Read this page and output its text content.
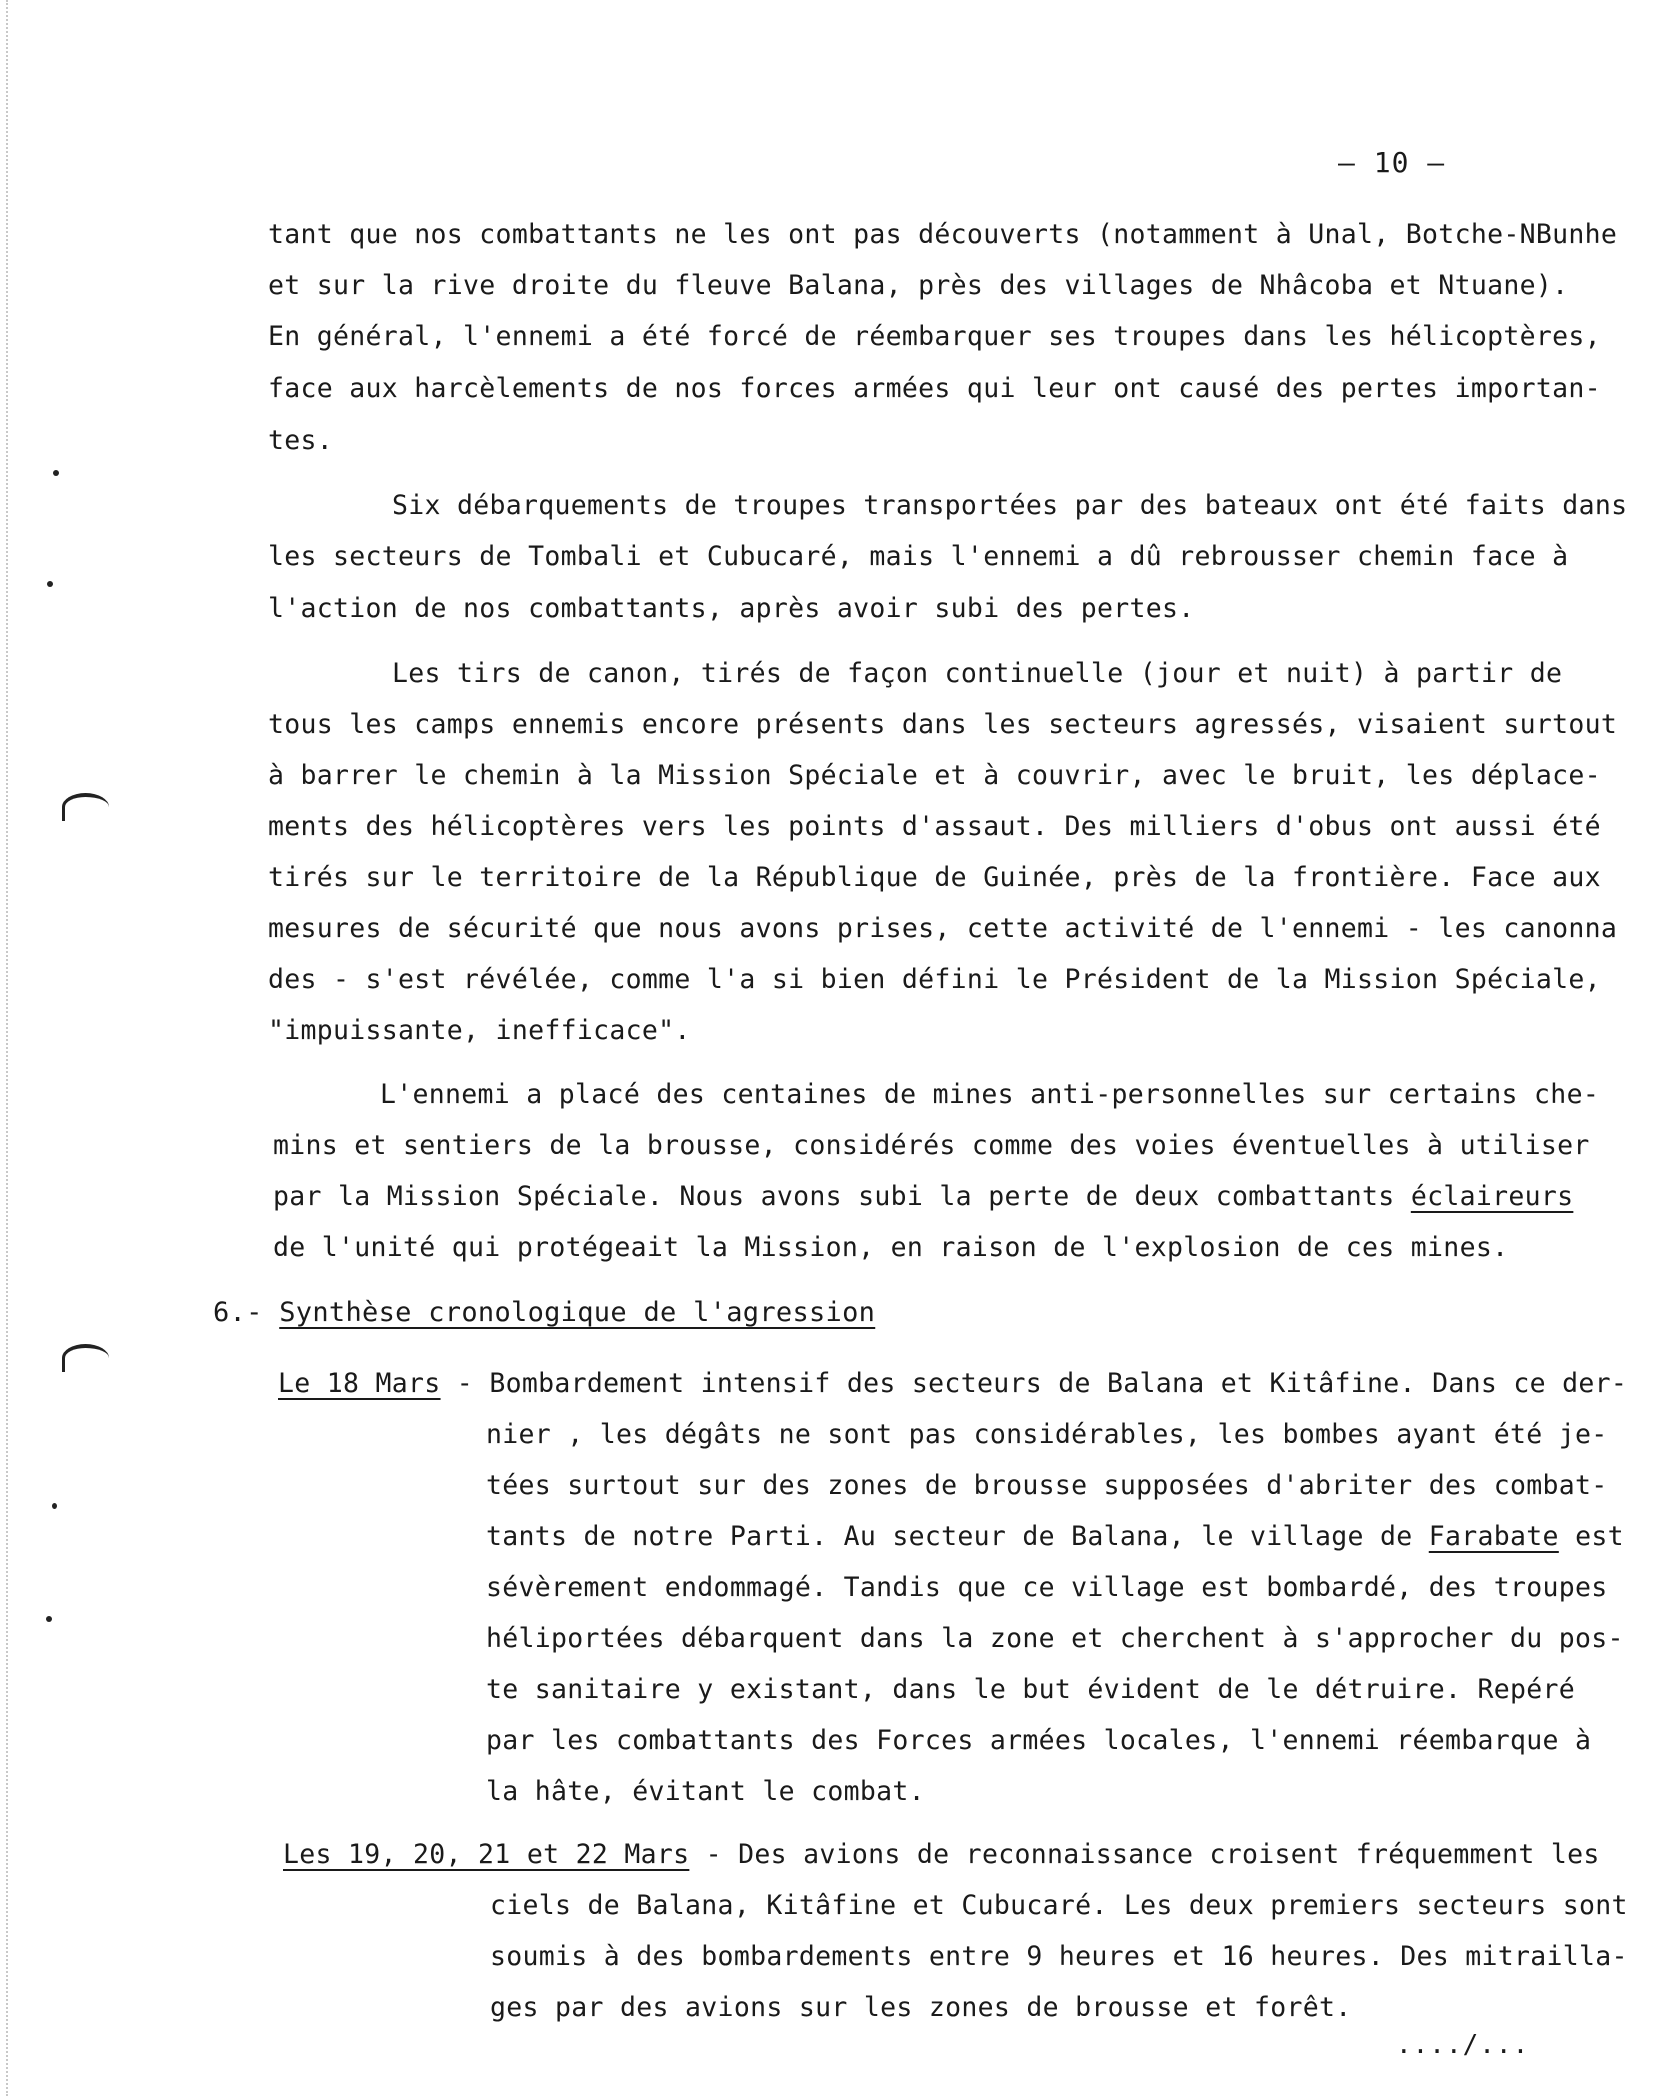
— 10 —
tant que nos combattants ne les ont pas découverts (notamment à Unal, Botche-NBunhe
et sur la rive droite du fleuve Balana, près des villages de Nhâcoba et Ntuane).
En général, l'ennemi a été forcé de réembarquer ses troupes dans les hélicoptères,
face aux harcèlements de nos forces armées qui leur ont causé des pertes importan-
tes.
Six débarquements de troupes transportées par des bateaux ont été faits dans
les secteurs de Tombali et Cubucaré, mais l'ennemi a dû rebrousser chemin face à
l'action de nos combattants, après avoir subi des pertes.
Les tirs de canon, tirés de façon continuelle (jour et nuit) à partir de
tous les camps ennemis encore présents dans les secteurs agressés, visaient surtout
à barrer le chemin à la Mission Spéciale et à couvrir, avec le bruit, les déplace-
ments des hélicoptères vers les points d'assaut. Des milliers d'obus ont aussi été
tirés sur le territoire de la République de Guinée, près de la frontière. Face aux
mesures de sécurité que nous avons prises, cette activité de l'ennemi - les canonna
des - s'est révélée, comme l'a si bien défini le Président de la Mission Spéciale,
"impuissante, inefficace".
L'ennemi a placé des centaines de mines anti-personnelles sur certains che-
mins et sentiers de la brousse, considérés comme des voies éventuelles à utiliser
par la Mission Spéciale. Nous avons subi la perte de deux combattants éclaireurs
de l'unité qui protégeait la Mission, en raison de l'explosion de ces mines.
6.- Synthèse cronologique de l'agression
Le 18 Mars - Bombardement intensif des secteurs de Balana et Kitâfine. Dans ce der-
nier , les dégâts ne sont pas considérables, les bombes ayant été je-
tées surtout sur des zones de brousse supposées d'abriter des combat-
tants de notre Parti. Au secteur de Balana, le village de Farabate est
sévèrement endommagé. Tandis que ce village est bombardé, des troupes
héliportées débarquent dans la zone et cherchent à s'approcher du pos-
te sanitaire y existant, dans le but évident de le détruire. Repéré
par les combattants des Forces armées locales, l'ennemi réembarque à
la hâte, évitant le combat.
Les 19, 20, 21 et 22 Mars - Des avions de reconnaissance croisent fréquemment les
ciels de Balana, Kitâfine et Cubucaré. Les deux premiers secteurs sont
soumis à des bombardements entre 9 heures et 16 heures. Des mitrailla-
ges par des avions sur les zones de brousse et forêt.
..../...
